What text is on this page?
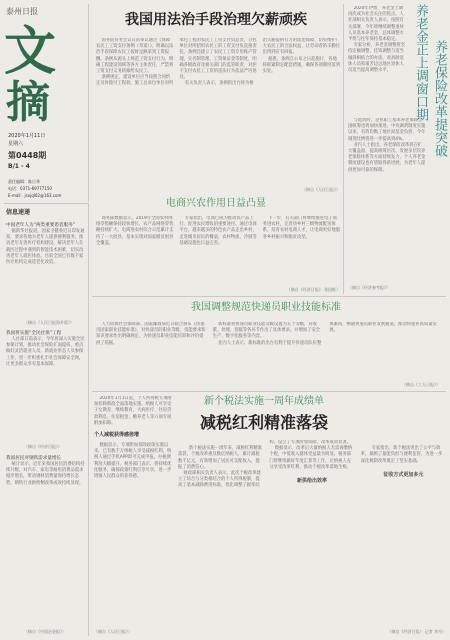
泰州日报
文
摘
2020年1月11日
星期六
第0448期
B/1 - 4
责任编辑：陈日华
电话：0371-69777150
E-mail：jsxjql02@163.com
我国用法治手段治理欠薪顽疾
国务院常务会议日前审议通过《保障农民工工资支付条例（草案）》，明确以法治手段保障农民工按时足额拿到工资报酬。条例从源头上规范工资支付行为，明确工程建设领域等各方主体责任，严禁将工资支付义务转嫁给农民工。
条例规定，建设单位应当按照合同约定及时拨付工程款，施工总承包单位对所承包工程的农民工工资支付负总责，分包单位对所招用农民工的工资支付负直接责任。条例还建立了农民工工资专用账户管理、实名制管理、工资保证金等制度，明确各级政府及相关部门的监管职责，对拒不支付农民工工资的违法行为依法严厉惩处。
有关负责人表示，条例的出台将为根治欠薪提供有力的法治保障，切实维护广大农民工的合法权益，让劳动者的辛勤付出得到应有回报。
据悉，条例自公布之日起施行，各地将抓紧制定配套措施，确保各项制度落到实处。
（摘自《人民日报》）
2020年伊始，养老金上调再次成为社会关注的焦点。人社部相关负责人表示，按照有关部署，今年将继续调整退休人员基本养老金，总体调整水平将与往年保持基本稳定。
专家分析，养老金调整将坚持定额调整、挂钩调整与适当倾斜相结合的办法，对高龄退休人员和艰苦边远地区退休人员适当提高调整水平。	养老金正上调窗口期 养老保险改革提突破
与此同时，企业职工基本养老保险全国统筹也将加快推进。中央调剂制度实施以来，有效均衡了地区间基金负担，今年调剂比例将进一步提高到4%。
业内人士指出，养老保险改革将在扩大覆盖面、提高统筹层次、发展多层次养老保险体系等方面持续发力，个人养老金制度建设也有望取得新进展，为老年人提供更加可靠的保障。
（摘自《经济参考报》）
信息速递
中国老年人为“两类重要患者服务”
据新华社报道，国家卫健委近日印发通知，要求各地为老年人提供便利服务，推动老年友善医疗机构建设，解决老年人在就医过程中遇到的智能技术困难，切实改善老年人就医体验。目前全国已有数千家医疗机构完成适老化改造。
（摘自《人民日报海外版》）
我国将实施“全民社保”工程
人社部日前表示，今年将深入实施全民参保计划，推动社会保险扩面提质，重点做好灵活就业人员、新就业形态人员参保工作，进一步织密扎牢社会保障安全网，让更多群众享有基本保障。
（摘自《经济日报》）
我国居民对钢铁需求量增长
统计显示，近年来我国居民消费结构持续升级，对汽车、家电等耐用消费品需求稳步增长，带动钢材消费量保持增长态势，钢铁行业供给侧改革成效持续显现。
（摘自《中国冶金报》）
电商兴农作用日益凸显
商务部数据显示，2019年全国农村网络零售额保持较快增长，农产品网络零售额持续扩大。电商进农村综合示范累计支持了一大批县，基本实现对国家级贫困县全覆盖。
专家指出，电商已成为推动农产品上行、促进农民增收的重要途径。通过电商平台，越来越多的特色农产品走出乡村，走进城市居民的餐桌，农村物流、冷链等基础设施也日益完善。
下一步，有关部门将继续推进电子商务进农村，完善县乡村三级物流配送体系，培育农村电商人才，让电商更好地服务乡村振兴和脱贫攻坚。
（摘自《经济日报》 张国栋）
我国调整规范快递员职业技能标准
人力资源社会保障部、国家邮政局近日联合颁布《快递员国家职业技能标准》，对快递员的职业等级、技能要求和知识要求作出明确规定，为快递员职业技能培训和评价提供了依据。
新标准将快递员职业技能等级设置为五个等级，对收派、处理、客服等各环节作出了具体要求，并增加了安全生产、数字化服务等内容。
业内人士表示，新标准的出台有利于提升快递员队伍整体素质，畅通快递员职业发展通道，推动快递业高质量发展。
（摘自《工人日报》）
2020年1月1日起，个人所得税专项附加扣除新政全面落地实施，纳税人可享受子女教育、继续教育、大病医疗、住房贷款利息、住房租金、赡养老人等六项专项附加扣除。
个人减税获得感倍增
数据显示，专项附加扣除政策实施以来，已有数千万纳税人享受减税红利，纳税人通过手机APP即可完成申报，办税便利度大幅提升。税务部门表示，将持续优化服务，确保政策红利应享尽享，进一步增强人民群众的获得感。
（摘自《人民日报》）
新个税法实施一周年成绩单
减税红利精准落袋

新个税法实施一周年来，减税红利精准落袋，个税改革惠及数亿纳税人，累计减税数千亿元，有效增加了居民可支配收入，提振了消费信心。
财政部相关负责人表示，此次个税改革建立了综合与分类相结合的个人所得税制，提高了基本减除费用标准，优化调整了税率结构，设立了专项附加扣除，改革成效显著。
数据显示，改革后大量纳税人无需再缴纳个税，中低收入群体受益最为明显。税务部门将继续做好年度汇算等工作，让纳税人充分享受改革红利，推动个税改革落地生根。

新供给出效率

专家指出，新个税法突出了公平与效率，兼顾了量能负担与便利征管，为进一步深化税制改革奠定了坚实基础。

征收方式更加多元

（摘自《经济日报》 记者 李丹）
